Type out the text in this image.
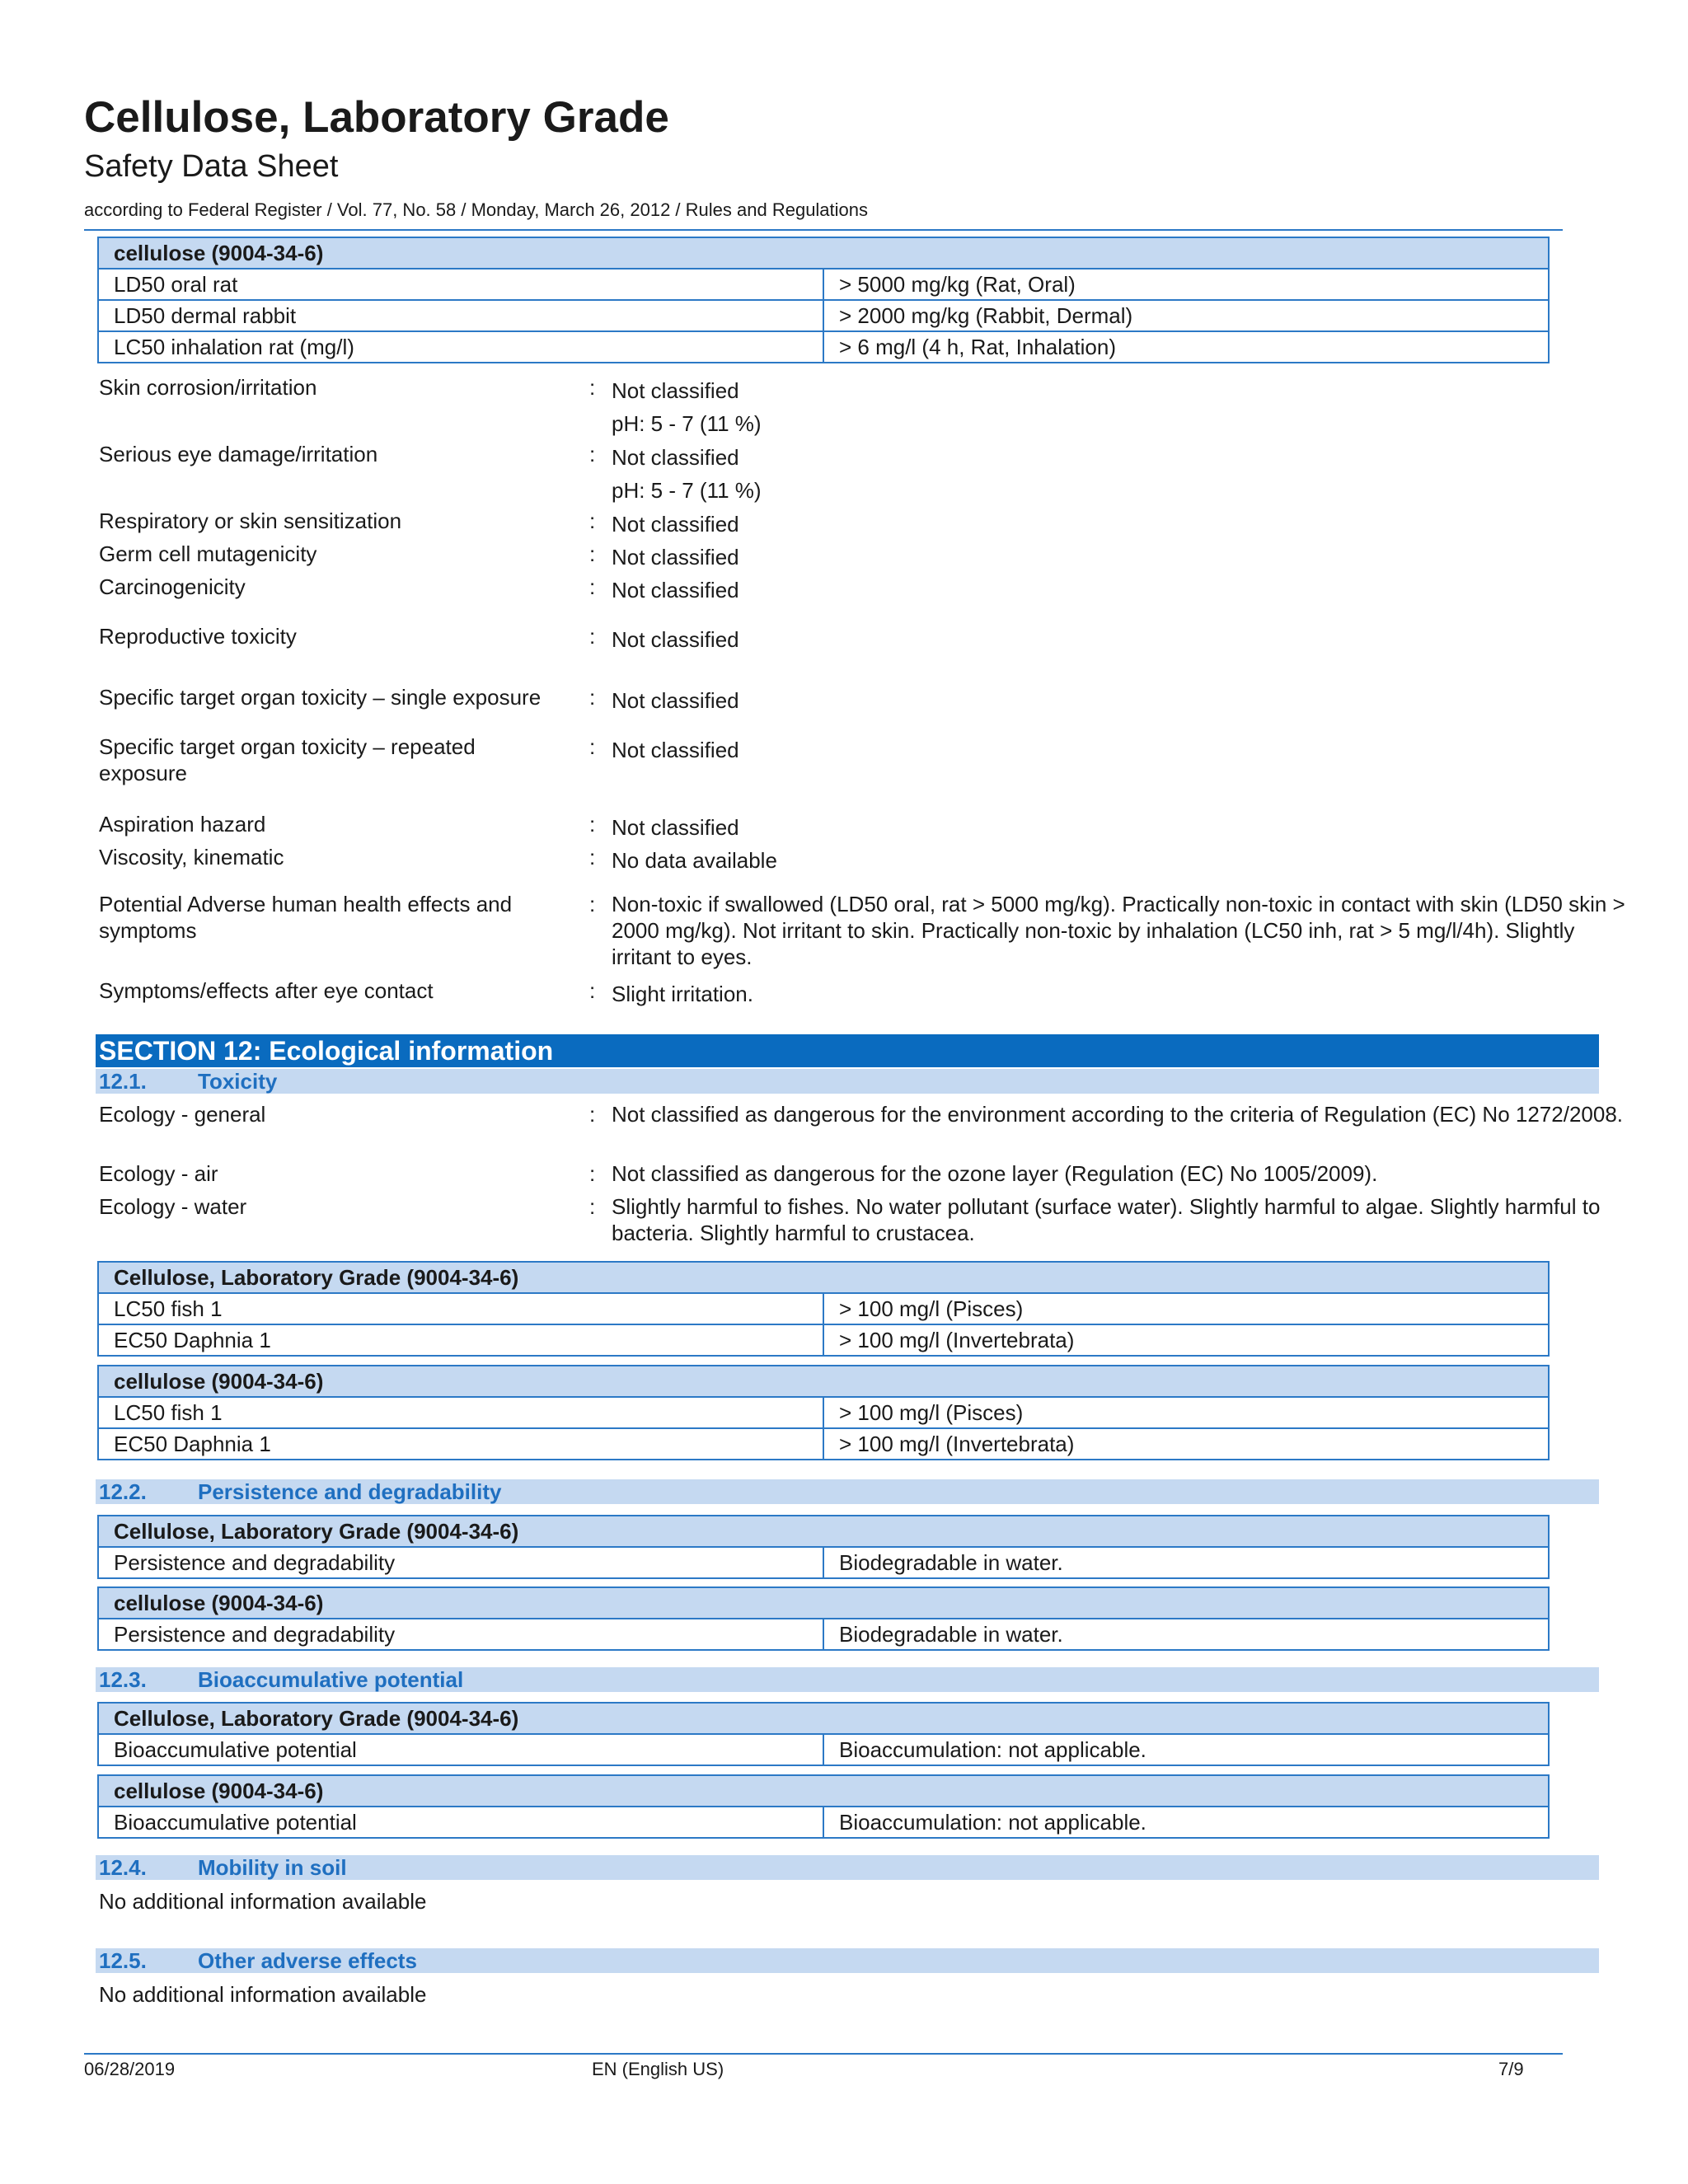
Cellulose, Laboratory Grade
Safety Data Sheet
according to Federal Register / Vol. 77, No. 58 / Monday, March 26, 2012 / Rules and Regulations
cellulose (9004-34-6)	
LD50 oral rat	> 5000 mg/kg (Rat, Oral)
LD50 dermal rabbit	> 2000 mg/kg (Rabbit, Dermal)
LC50 inhalation rat (mg/l)	> 6 mg/l (4 h, Rat, Inhalation)
Skin corrosion/irritation	: Not classified
pH: 5 - 7 (11 %)
Serious eye damage/irritation	: Not classified
pH: 5 - 7 (11 %)
Respiratory or skin sensitization	: Not classified
Germ cell mutagenicity	: Not classified
Carcinogenicity	: Not classified
Reproductive toxicity	: Not classified
Specific target organ toxicity – single exposure	: Not classified
Specific target organ toxicity – repeated exposure
: Not classified
Aspiration hazard	: Not classified
Viscosity, kinematic	: No data available
Potential Adverse human health effects and symptoms
: Non-toxic if swallowed (LD50 oral, rat > 5000 mg/kg). Practically non-toxic in contact with skin (LD50 skin > 2000 mg/kg). Not irritant to skin. Practically non-toxic by inhalation (LC50 inh, rat > 5 mg/l/4h). Slightly irritant to eyes.
Symptoms/effects after eye contact	: Slight irritation.
SECTION 12: Ecological information
12.1. Toxicity
Ecology - general	: Not classified as dangerous for the environment according to the criteria of Regulation (EC) No 1272/2008.
Ecology - air	: Not classified as dangerous for the ozone layer (Regulation (EC) No 1005/2009).
Ecology - water	: Slightly harmful to fishes. No water pollutant (surface water). Slightly harmful to algae. Slightly harmful to bacteria. Slightly harmful to crustacea.
Cellulose, Laboratory Grade (9004-34-6)	
LC50 fish 1	> 100 mg/l (Pisces)
EC50 Daphnia 1	> 100 mg/l (Invertebrata)
cellulose (9004-34-6)	
LC50 fish 1	> 100 mg/l (Pisces)
EC50 Daphnia 1	> 100 mg/l (Invertebrata)
12.2. Persistence and degradability
Cellulose, Laboratory Grade (9004-34-6)
Persistence and degradability	Biodegradable in water.
cellulose (9004-34-6)
Persistence and degradability	Biodegradable in water.
12.3. Bioaccumulative potential
Cellulose, Laboratory Grade (9004-34-6)
Bioaccumulative potential	Bioaccumulation: not applicable.
cellulose (9004-34-6)
Bioaccumulative potential	Bioaccumulation: not applicable.
12.4. Mobility in soil
No additional information available
12.5. Other adverse effects
No additional information available
06/28/2019	EN (English US)	7/9
